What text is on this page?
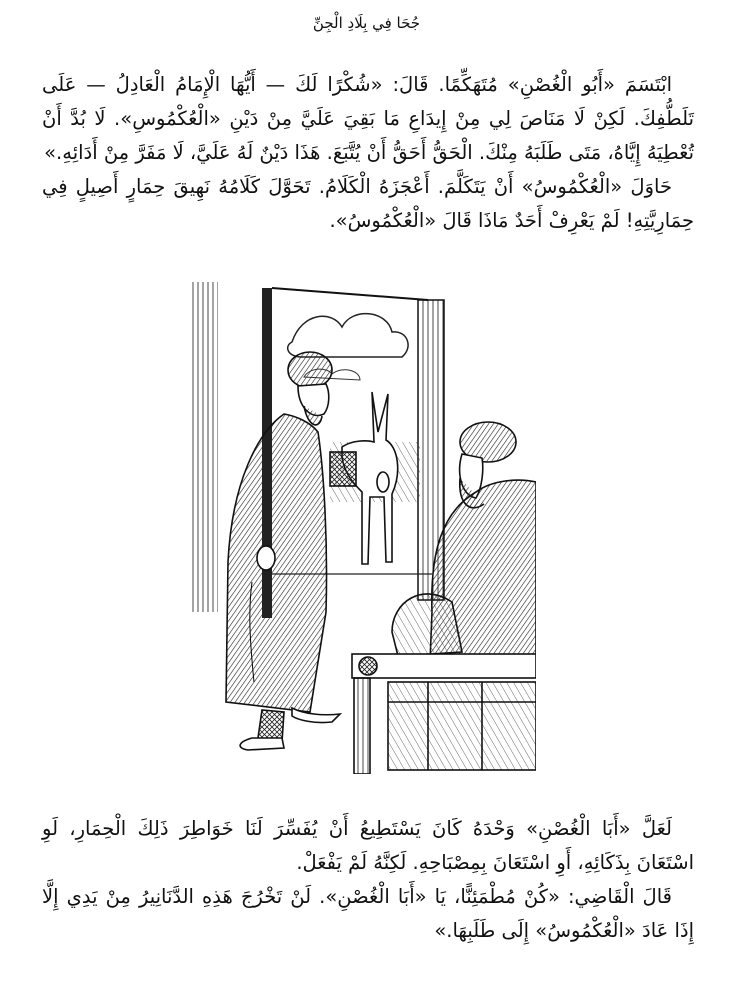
جُحَا فِي بِلَادِ الْجِنِّ

ابْتَسَمَ «أَبُو الْغُصْنِ» مُتَهَكِّمًا. قَالَ: «شُكْرًا لَكَ — أَيُّهَا الْإِمَامُ الْعَادِلُ — عَلَى تَلَطُّفِكَ. لَكِنْ لَا مَنَاصَ لِي مِنْ إِيدَاعِ مَا بَقِيَ عَلَيَّ مِنْ دَيْنِ «الْعُكْمُوسِ». لَا بُدَّ أَنْ تُعْطِيَهُ إِيَّاهُ، مَتَى طَلَبَهُ مِنْكَ. الْحَقُّ أَحَقُّ أَنْ يُتَّبَعَ. هَذَا دَيْنٌ لَهُ عَلَيَّ، لَا مَفَرَّ مِنْ أَدَائِهِ.»

حَاوَلَ «الْعُكْمُوسُ» أَنْ يَتَكَلَّمَ. أَعْجَزَهُ الْكَلَامُ. تَحَوَّلَ كَلَامُهُ نَهِيقَ حِمَارٍ أَصِيلٍ فِي حِمَارِيَّتِهِ! لَمْ يَعْرِفْ أَحَدٌ مَاذَا قَالَ «الْعُكْمُوسُ».

لَعَلَّ «أَبَا الْغُصْنِ» وَحْدَهُ كَانَ يَسْتَطِيعُ أَنْ يُفَسِّرَ لَنَا خَوَاطِرَ ذَلِكَ الْحِمَارِ، لَوِ اسْتَعَانَ بِذَكَائِهِ، أَوِ اسْتَعَانَ بِمِصْبَاحِهِ. لَكِنَّهُ لَمْ يَفْعَلْ.

قَالَ الْقَاضِي: «كُنْ مُطْمَئِنًّا، يَا «أَبَا الْغُصْنِ». لَنْ تَخْرُجَ هَذِهِ الدَّنَانِيرُ مِنْ يَدِي إِلَّا إِذَا عَادَ «الْعُكْمُوسُ» إِلَى طَلَبِهَا.»
